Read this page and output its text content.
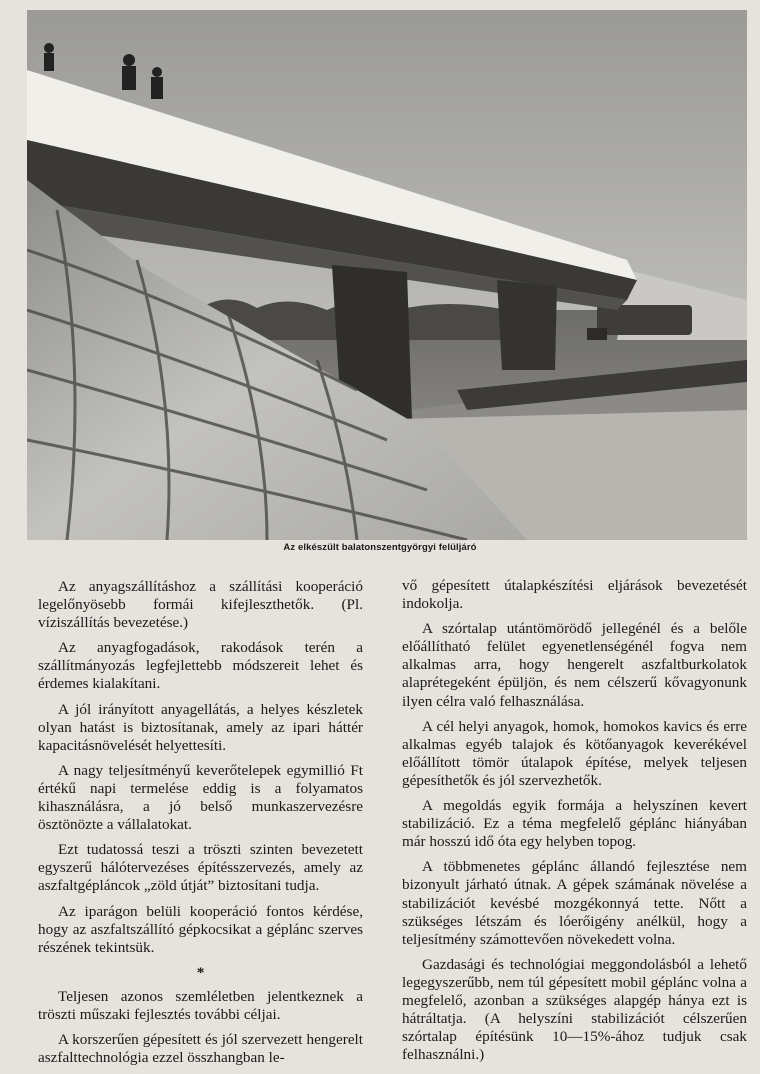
Az elkészült balatonszentgyörgyi felüljáró

Az anyagszállításhoz a szállítási kooperáció legelőnyösebb formái kifejleszthetők. (Pl. víziszállítás bevezetése.)

Az anyagfogadások, rakodások terén a szállítmányozás legfejlettebb módszereit lehet és érdemes kialakítani.

A jól irányított anyagellátás, a helyes készletek olyan hatást is biztosítanak, amely az ipari háttér kapacitásnövelését helyettesíti.

A nagy teljesítményű keverőtelepek egymillió Ft értékű napi termelése eddig is a folyamatos kihasználásra, a jó belső munkaszervezésre ösztönözte a vállalatokat.

Ezt tudatossá teszi a tröszti szinten bevezetett egyszerű hálótervezéses építésszervezés, amely az aszfaltgépláncok „zöld útját” biztosítani tudja.

Az iparágon belüli kooperáció fontos kérdése, hogy az aszfaltszállító gépkocsikat a géplánc szerves részének tekintsük.

*

Teljesen azonos szemléletben jelentkeznek a tröszti műszaki fejlesztés további céljai.

A korszerűen gépesített és jól szervezett hengerelt aszfalttechnológia ezzel összhangban le-

vő gépesített útalapkészítési eljárások bevezetését indokolja.

A szórtalap utántömörödő jellegénél és a belőle előállítható felület egyenetlenségénél fogva nem alkalmas arra, hogy hengerelt aszfaltburkolatok alaprétegeként épüljön, és nem célszerű kővagyonunk ilyen célra való felhasználása.

A cél helyi anyagok, homok, homokos kavics és erre alkalmas egyéb talajok és kötőanyagok keverékével előállított tömör útalapok építése, melyek teljesen gépesíthetők és jól szervezhetők.

A megoldás egyik formája a helyszínen kevert stabilizáció. Ez a téma megfelelő géplánc hiányában már hosszú idő óta egy helyben topog.

A többmenetes géplánc állandó fejlesztése nem bizonyult járható útnak. A gépek számának növelése a stabilizációt kevésbé mozgékonnyá tette. Nőtt a szükséges létszám és lóerőigény anélkül, hogy a teljesítmény számottevően növekedett volna.

Gazdasági és technológiai meggondolásból a lehető legegyszerűbb, nem túl gépesített mobil géplánc volna a megfelelő, azonban a szükséges alapgép hánya ezt is hátráltatja. (A helyszíni stabilizációt célszerűen szórtalap építésünk 10—15%-ához tudjuk csak felhasználni.)
